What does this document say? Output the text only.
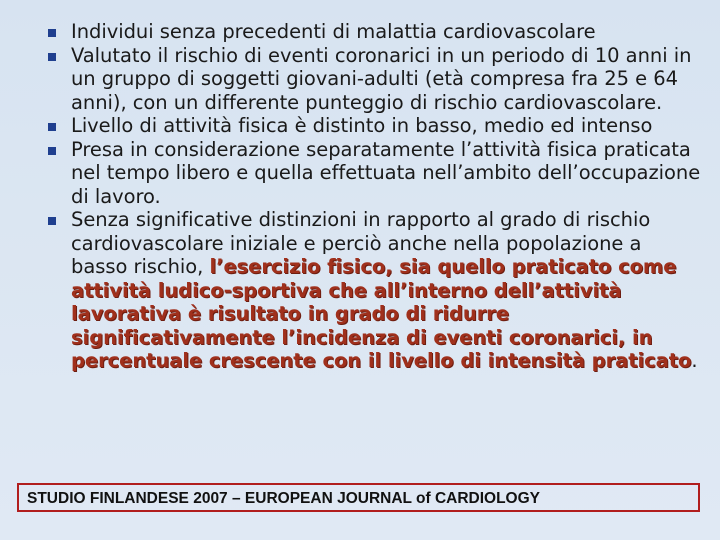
Individui senza precedenti di malattia cardiovascolare
Valutato il rischio di eventi coronarici in un periodo di 10 anni in un gruppo di soggetti giovani-adulti (età compresa fra 25 e 64 anni), con un differente punteggio di rischio cardiovascolare.
Livello di attività fisica è distinto in basso, medio ed intenso
Presa in considerazione separatamente l’attività fisica praticata nel tempo libero e quella effettuata nell’ambito dell’occupazione di lavoro.
Senza significative distinzioni in rapporto al grado di rischio cardiovascolare iniziale e perciò anche nella popolazione a basso rischio, l’esercizio fisico, sia quello praticato come attività ludico-sportiva che all’interno dell’attività lavorativa è risultato in grado di ridurre significativamente l’incidenza di eventi coronarici, in percentuale crescente con il livello di intensità praticato.
STUDIO FINLANDESE 2007 – EUROPEAN JOURNAL of CARDIOLOGY
